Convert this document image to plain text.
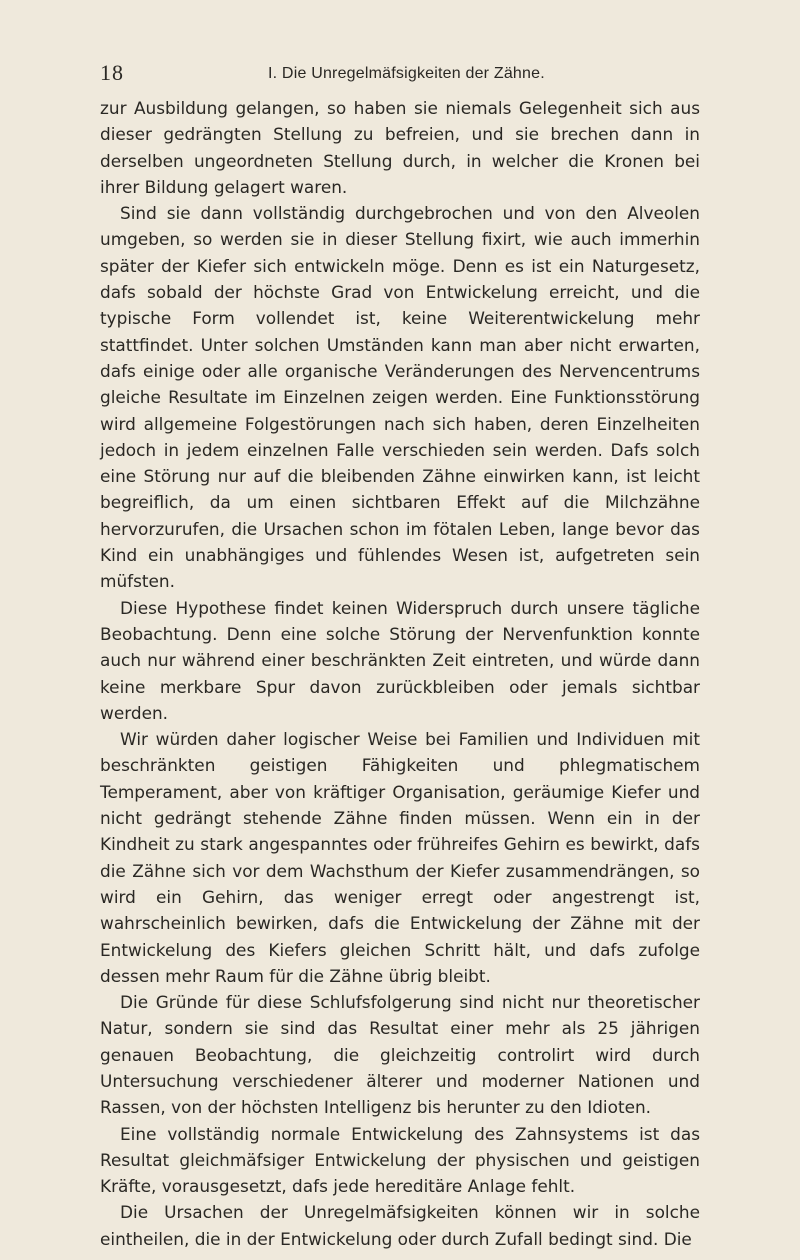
18	I. Die Unregelmäfsigkeiten der Zähne.

zur Ausbildung gelangen, so haben sie niemals Gelegenheit sich aus dieser gedrängten Stellung zu befreien, und sie brechen dann in derselben ungeordneten Stellung durch, in welcher die Kronen bei ihrer Bildung gelagert waren.

Sind sie dann vollständig durchgebrochen und von den Alveolen umgeben, so werden sie in dieser Stellung fixirt, wie auch immerhin später der Kiefer sich entwickeln möge. Denn es ist ein Naturgesetz, dafs sobald der höchste Grad von Entwickelung erreicht, und die typische Form vollendet ist, keine Weiterentwickelung mehr stattfindet. Unter solchen Umständen kann man aber nicht erwarten, dafs einige oder alle organische Veränderungen des Nervencentrums gleiche Resultate im Einzelnen zeigen werden. Eine Funktionsstörung wird allgemeine Folgestörungen nach sich haben, deren Einzelheiten jedoch in jedem einzelnen Falle verschieden sein werden. Dafs solch eine Störung nur auf die bleibenden Zähne einwirken kann, ist leicht begreiflich, da um einen sichtbaren Effekt auf die Milchzähne hervorzurufen, die Ursachen schon im fötalen Leben, lange bevor das Kind ein unabhängiges und fühlendes Wesen ist, aufgetreten sein müfsten.

Diese Hypothese findet keinen Widerspruch durch unsere tägliche Beobachtung. Denn eine solche Störung der Nervenfunktion konnte auch nur während einer beschränkten Zeit eintreten, und würde dann keine merkbare Spur davon zurückbleiben oder jemals sichtbar werden.

Wir würden daher logischer Weise bei Familien und Individuen mit beschränkten geistigen Fähigkeiten und phlegmatischem Temperament, aber von kräftiger Organisation, geräumige Kiefer und nicht gedrängt stehende Zähne finden müssen. Wenn ein in der Kindheit zu stark angespanntes oder frühreifes Gehirn es bewirkt, dafs die Zähne sich vor dem Wachsthum der Kiefer zusammendrängen, so wird ein Gehirn, das weniger erregt oder angestrengt ist, wahrscheinlich bewirken, dafs die Entwickelung der Zähne mit der Entwickelung des Kiefers gleichen Schritt hält, und dafs zufolge dessen mehr Raum für die Zähne übrig bleibt.

Die Gründe für diese Schlufsfolgerung sind nicht nur theoretischer Natur, sondern sie sind das Resultat einer mehr als 25 jährigen genauen Beobachtung, die gleichzeitig controlirt wird durch Untersuchung verschiedener älterer und moderner Nationen und Rassen, von der höchsten Intelligenz bis herunter zu den Idioten.

Eine vollständig normale Entwickelung des Zahnsystems ist das Resultat gleichmäfsiger Entwickelung der physischen und geistigen Kräfte, vorausgesetzt, dafs jede hereditäre Anlage fehlt.

Die Ursachen der Unregelmäfsigkeiten können wir in solche eintheilen, die in der Entwickelung oder durch Zufall bedingt sind. Die
